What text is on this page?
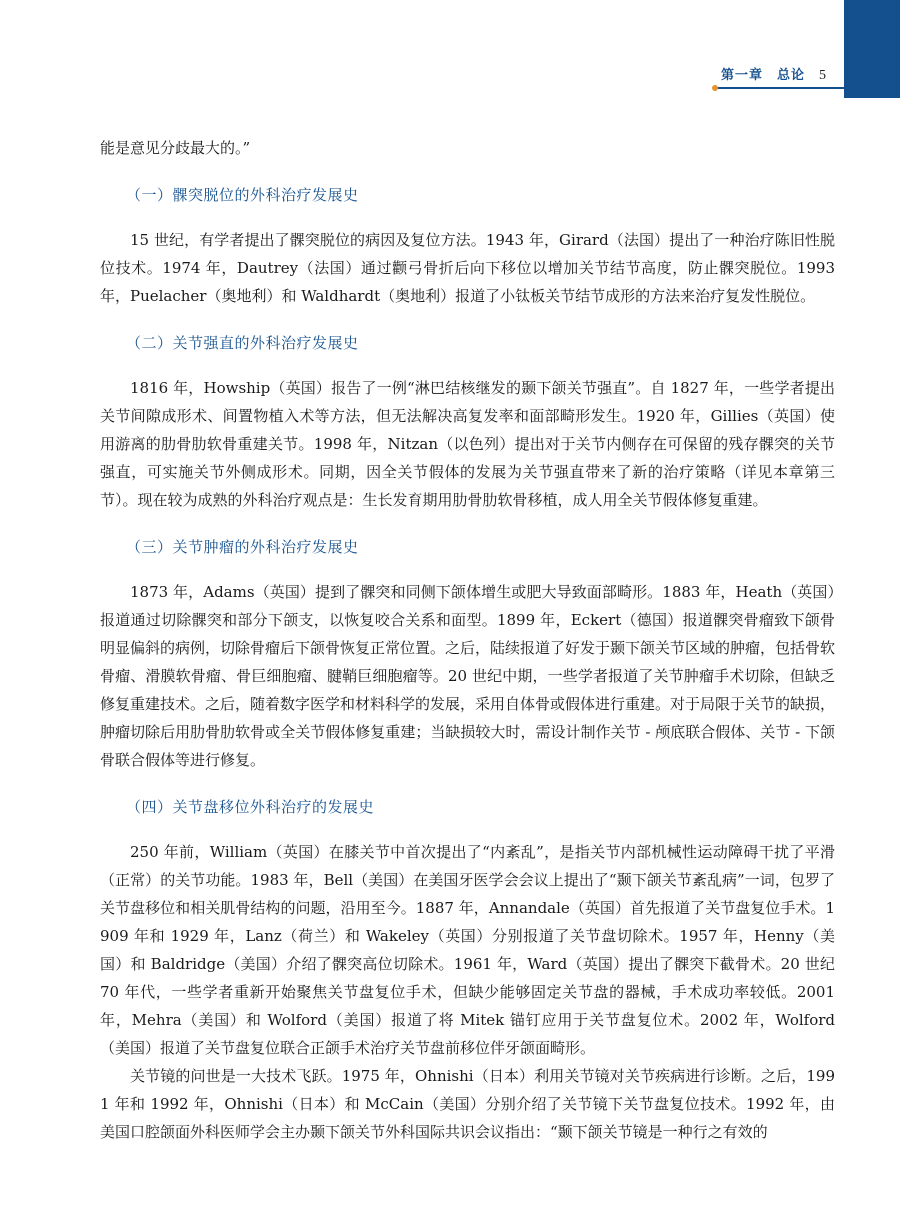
第一章　总论 5

能是意见分歧最大的。”

（一）髁突脱位的外科治疗发展史

15 世纪，有学者提出了髁突脱位的病因及复位方法。1943 年，Girard（法国）提出了一种治疗陈旧性脱位技术。1974 年，Dautrey（法国）通过颧弓骨折后向下移位以增加关节结节高度，防止髁突脱位。1993 年，Puelacher（奥地利）和 Waldhardt（奥地利）报道了小钛板关节结节成形的方法来治疗复发性脱位。

（二）关节强直的外科治疗发展史

1816 年，Howship（英国）报告了一例“淋巴结核继发的颞下颌关节强直”。自 1827 年，一些学者提出关节间隙成形术、间置物植入术等方法，但无法解决高复发率和面部畸形发生。1920 年，Gillies（英国）使用游离的肋骨肋软骨重建关节。1998 年，Nitzan（以色列）提出对于关节内侧存在可保留的残存髁突的关节强直，可实施关节外侧成形术。同期，因全关节假体的发展为关节强直带来了新的治疗策略（详见本章第三节）。现在较为成熟的外科治疗观点是：生长发育期用肋骨肋软骨移植，成人用全关节假体修复重建。

（三）关节肿瘤的外科治疗发展史

1873 年，Adams（英国）提到了髁突和同侧下颌体增生或肥大导致面部畸形。1883 年，Heath（英国）报道通过切除髁突和部分下颌支，以恢复咬合关系和面型。1899 年，Eckert（德国）报道髁突骨瘤致下颌骨明显偏斜的病例，切除骨瘤后下颌骨恢复正常位置。之后，陆续报道了好发于颞下颌关节区域的肿瘤，包括骨软骨瘤、滑膜软骨瘤、骨巨细胞瘤、腱鞘巨细胞瘤等。20 世纪中期，一些学者报道了关节肿瘤手术切除，但缺乏修复重建技术。之后，随着数字医学和材料科学的发展，采用自体骨或假体进行重建。对于局限于关节的缺损，肿瘤切除后用肋骨肋软骨或全关节假体修复重建；当缺损较大时，需设计制作关节 - 颅底联合假体、关节 - 下颌骨联合假体等进行修复。

（四）关节盘移位外科治疗的发展史

250 年前，William（英国）在膝关节中首次提出了“内紊乱”，是指关节内部机械性运动障碍干扰了平滑（正常）的关节功能。1983 年，Bell（美国）在美国牙医学会会议上提出了“颞下颌关节紊乱病”一词，包罗了关节盘移位和相关肌骨结构的问题，沿用至今。1887 年，Annandale（英国）首先报道了关节盘复位手术。1909 年和 1929 年，Lanz（荷兰）和 Wakeley（英国）分别报道了关节盘切除术。1957 年，Henny（美国）和 Baldridge（美国）介绍了髁突高位切除术。1961 年，Ward（英国）提出了髁突下截骨术。20 世纪 70 年代，一些学者重新开始聚焦关节盘复位手术，但缺少能够固定关节盘的器械，手术成功率较低。2001 年，Mehra（美国）和 Wolford（美国）报道了将 Mitek 锚钉应用于关节盘复位术。2002 年，Wolford（美国）报道了关节盘复位联合正颌手术治疗关节盘前移位伴牙颌面畸形。

关节镜的问世是一大技术飞跃。1975 年，Ohnishi（日本）利用关节镜对关节疾病进行诊断。之后，1991 年和 1992 年，Ohnishi（日本）和 McCain（美国）分别介绍了关节镜下关节盘复位技术。1992 年，由美国口腔颌面外科医师学会主办颞下颌关节外科国际共识会议指出：“颞下颌关节镜是一种行之有效的
